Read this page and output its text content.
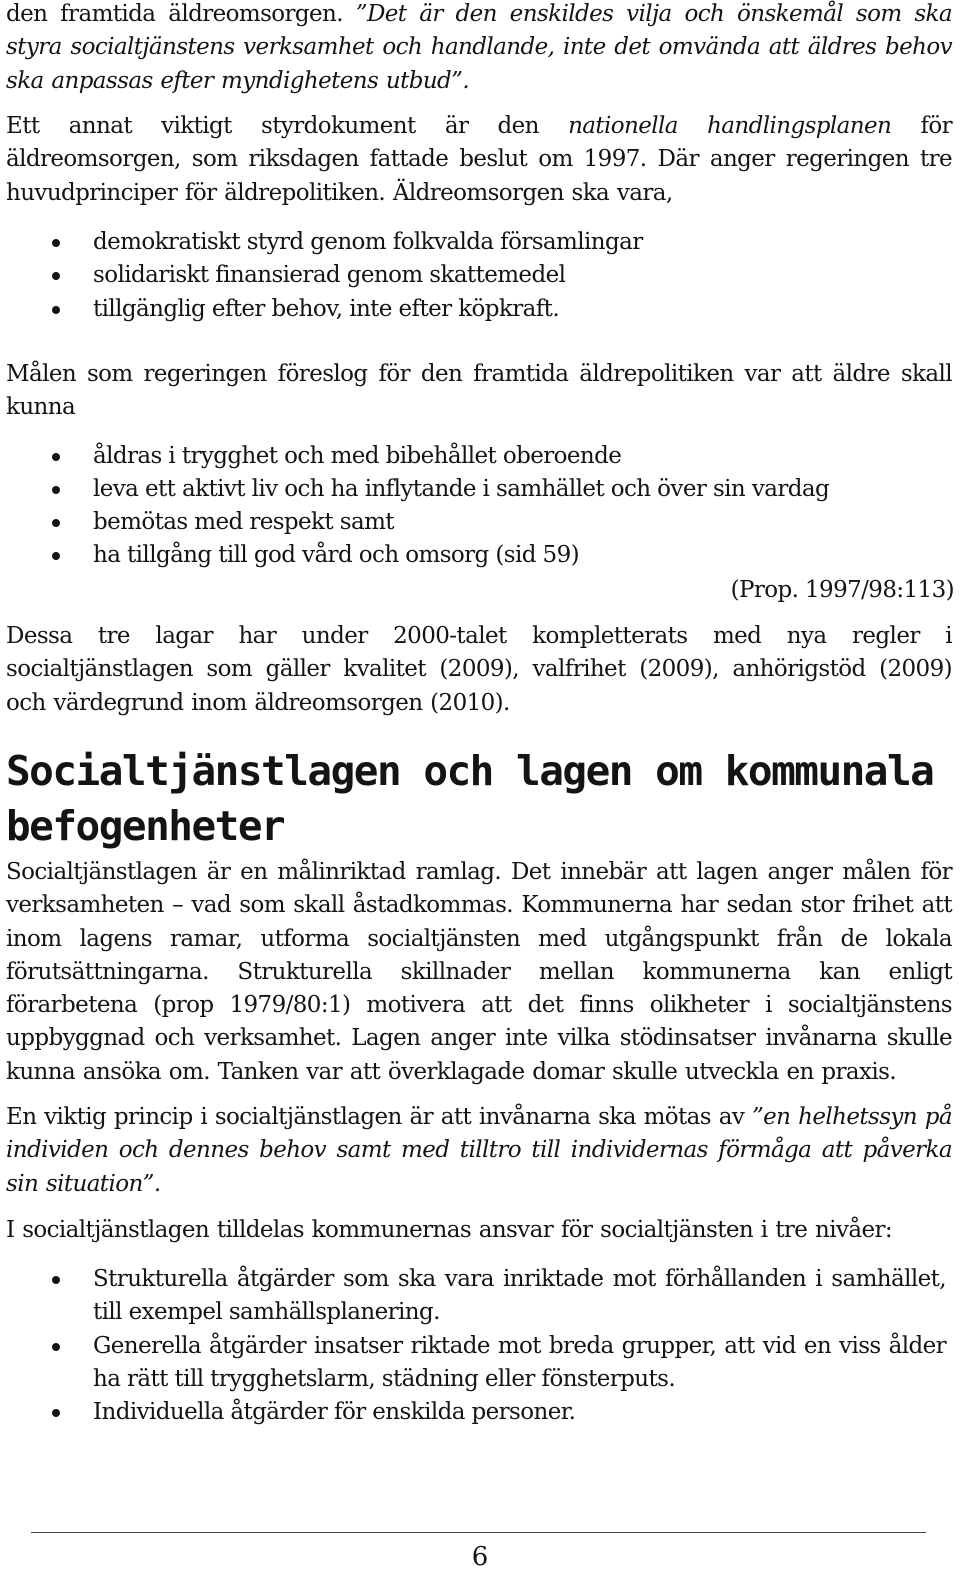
den framtida äldreomsorgen. ”Det är den enskildes vilja och önskemål som ska styra socialtjänstens verksamhet och handlande, inte det omvända att äldres behov ska anpassas efter myndighetens utbud”.

Ett annat viktigt styrdokument är den nationella handlingsplanen för äldreomsorgen, som riksdagen fattade beslut om 1997. Där anger regeringen tre huvudprinciper för äldrepolitiken. Äldreomsorgen ska vara,

demokratiskt styrd genom folkvalda församlingar
solidariskt finansierad genom skattemedel
tillgänglig efter behov, inte efter köpkraft.

Målen som regeringen föreslog för den framtida äldrepolitiken var att äldre skall kunna

åldras i trygghet och med bibehållet oberoende
leva ett aktivt liv och ha inflytande i samhället och över sin vardag
bemötas med respekt samt
ha tillgång till god vård och omsorg (sid 59)
(Prop. 1997/98:113)

Dessa tre lagar har under 2000-talet kompletterats med nya regler i socialtjänstlagen som gäller kvalitet (2009), valfrihet (2009), anhörigstöd (2009) och värdegrund inom äldreomsorgen (2010).

Socialtjänstlagen och lagen om kommunala befogenheter

Socialtjänstlagen är en målinriktad ramlag. Det innebär att lagen anger målen för verksamheten – vad som skall åstadkommas. Kommunerna har sedan stor frihet att inom lagens ramar, utforma socialtjänsten med utgångspunkt från de lokala förutsättningarna. Strukturella skillnader mellan kommunerna kan enligt förarbetena (prop 1979/80:1) motivera att det finns olikheter i socialtjänstens uppbyggnad och verksamhet. Lagen anger inte vilka stödinsatser invånarna skulle kunna ansöka om. Tanken var att överklagade domar skulle utveckla en praxis.

En viktig princip i socialtjänstlagen är att invånarna ska mötas av ”en helhetssyn på individen och dennes behov samt med tilltro till individernas förmåga att påverka sin situation”.

I socialtjänstlagen tilldelas kommunernas ansvar för socialtjänsten i tre nivåer:

Strukturella åtgärder som ska vara inriktade mot förhållanden i samhället, till exempel samhällsplanering.
Generella åtgärder insatser riktade mot breda grupper, att vid en viss ålder ha rätt till trygghetslarm, städning eller fönsterputs.
Individuella åtgärder för enskilda personer.
6
